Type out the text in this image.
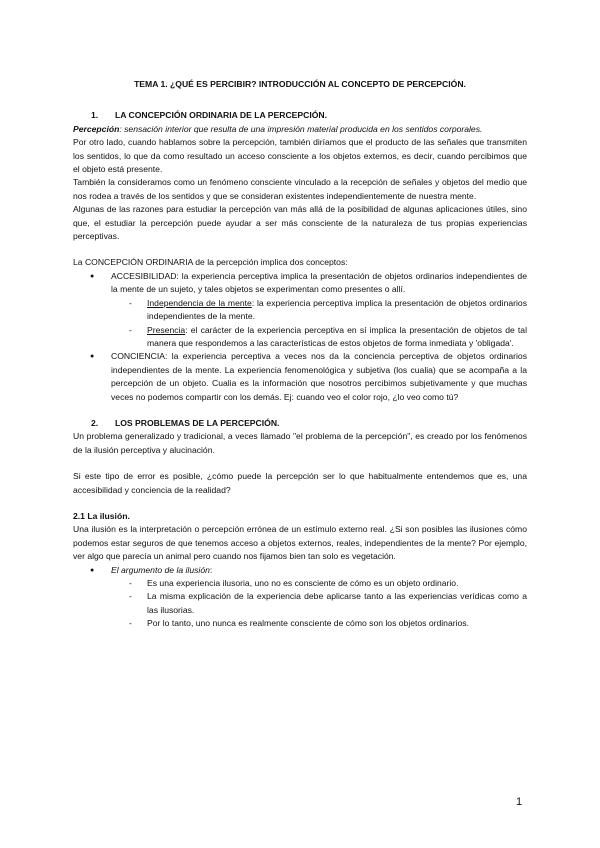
TEMA 1. ¿QUÉ ES PERCIBIR? INTRODUCCIÓN AL CONCEPTO DE PERCEPCIÓN.

1. LA CONCEPCIÓN ORDINARIA DE LA PERCEPCIÓN.

Percepción: sensación interior que resulta de una impresión material producida en los sentidos corporales.

Por otro lado, cuando hablamos sobre la percepción, también diríamos que el producto de las señales que transmiten los sentidos, lo que da como resultado un acceso consciente a los objetos externos, es decir, cuando percibimos que el objeto está presente.

También la consideramos como un fenómeno consciente vinculado a la recepción de señales y objetos del medio que nos rodea a través de los sentidos y que se consideran existentes independientemente de nuestra mente.

Algunas de las razones para estudiar la percepción van más allá de la posibilidad de algunas aplicaciones útiles, sino que, el estudiar la percepción puede ayudar a ser más consciente de la naturaleza de tus propias experiencias perceptivas.

La CONCEPCIÓN ORDINARIA de la percepción implica dos conceptos:

● ACCESIBILIDAD: la experiencia perceptiva implica la presentación de objetos ordinarios independientes de la mente de un sujeto, y tales objetos se experimentan como presentes o allí.
- Independencia de la mente: la experiencia perceptiva implica la presentación de objetos ordinarios independientes de la mente.
- Presencia: el carácter de la experiencia perceptiva en sí implica la presentación de objetos de tal manera que respondemos a las características de estos objetos de forma inmediata y 'obligada'.
● CONCIENCIA: la experiencia perceptiva a veces nos da la conciencia perceptiva de objetos ordinarios independientes de la mente. La experiencia fenomenológica y subjetiva (los cualia) que se acompaña a la percepción de un objeto. Cualia es la información que nosotros percibimos subjetivamente y que muchas veces no podemos compartir con los demás. Ej: cuando veo el color rojo, ¿lo veo como tú?

2. LOS PROBLEMAS DE LA PERCEPCIÓN.

Un problema generalizado y tradicional, a veces llamado "el problema de la percepción", es creado por los fenómenos de la ilusión perceptiva y alucinación.

Si este tipo de error es posible, ¿cómo puede la percepción ser lo que habitualmente entendemos que es, una accesibilidad y conciencia de la realidad?

2.1 La ilusión.

Una ilusión es la interpretación o percepción errónea de un estímulo externo real. ¿Si son posibles las ilusiones cómo podemos estar seguros de que tenemos acceso a objetos externos, reales, independientes de la mente? Por ejemplo, ver algo que parecía un animal pero cuando nos fijamos bien tan solo es vegetación.

● El argumento de la ilusión:
- Es una experiencia ilusoria, uno no es consciente de cómo es un objeto ordinario.
- La misma explicación de la experiencia debe aplicarse tanto a las experiencias verídicas como a las ilusorias.
- Por lo tanto, uno nunca es realmente consciente de cómo son los objetos ordinarios.
1
